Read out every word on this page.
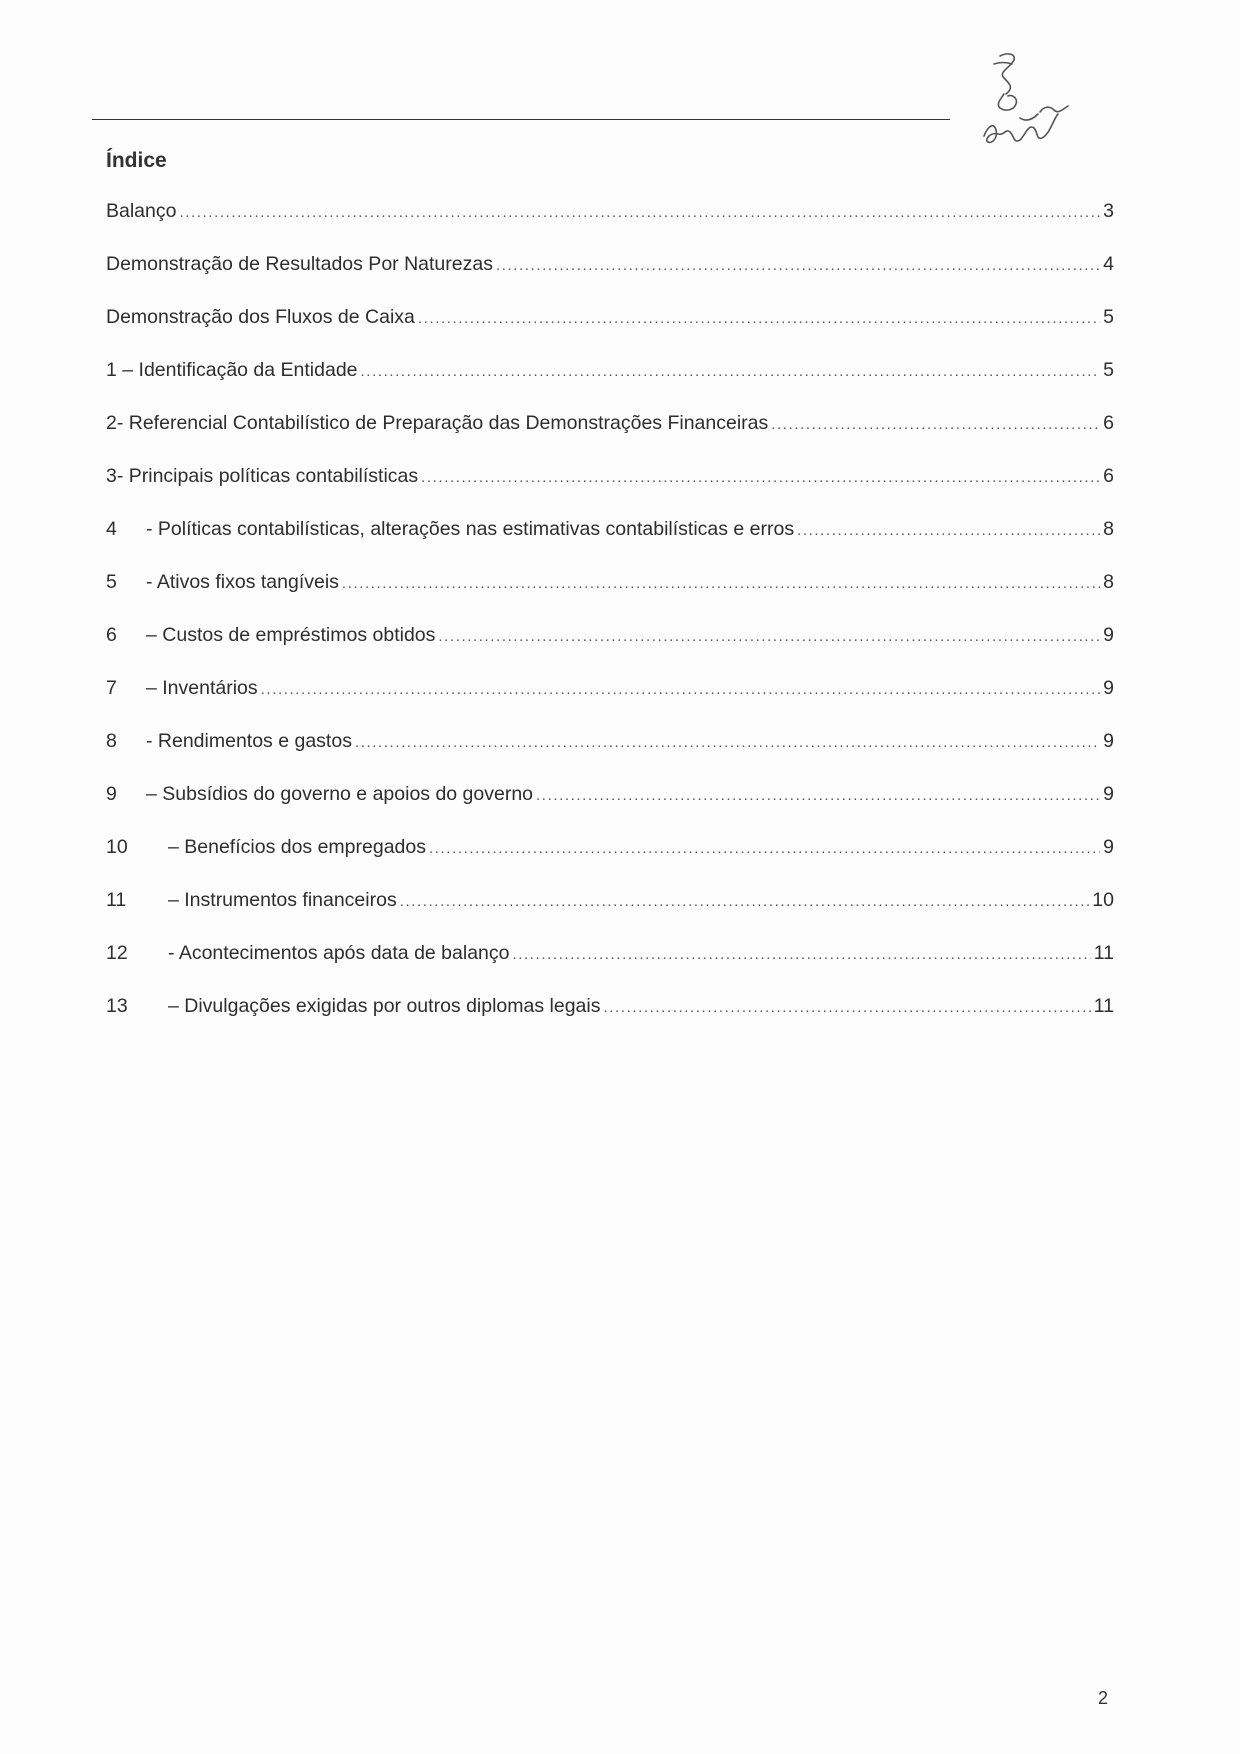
Índice
Balanço .....	3
Demonstração de Resultados Por Naturezas .....	4
Demonstração dos Fluxos de Caixa .....	5
1 – Identificação da Entidade .....	5
2- Referencial Contabilístico de Preparação das Demonstrações Financeiras .....	6
3- Principais políticas contabilísticas .....	6
4	- Políticas contabilísticas, alterações nas estimativas contabilísticas e erros .....	8
5	- Ativos fixos tangíveis .....	8
6	– Custos de empréstimos obtidos .....	9
7	– Inventários .....	9
8	- Rendimentos e gastos .....	9
9	– Subsídios do governo e apoios do governo .....	9
10	– Benefícios dos empregados .....	9
11	– Instrumentos financeiros .....	10
12	- Acontecimentos após data de balanço .....	11
13	– Divulgações exigidas por outros diplomas legais .....	11
2
